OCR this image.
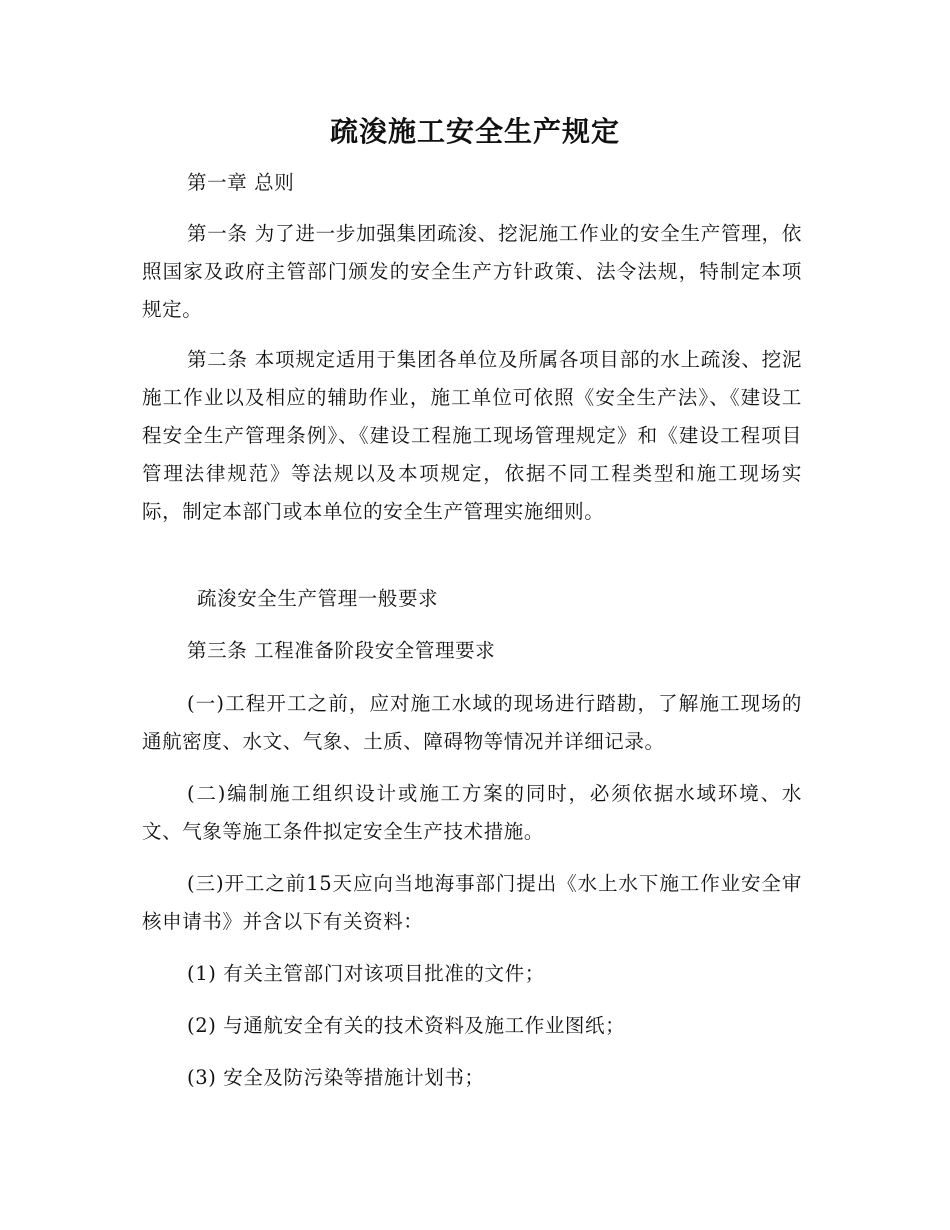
疏浚施工安全生产规定

第一章 总则

第一条 为了进一步加强集团疏浚、挖泥施工作业的安全生产管理，依照国家及政府主管部门颁发的安全生产方针政策、法令法规，特制定本项规定。

第二条 本项规定适用于集团各单位及所属各项目部的水上疏浚、挖泥施工作业以及相应的辅助作业，施工单位可依照《安全生产法》、《建设工程安全生产管理条例》、《建设工程施工现场管理规定》和《建设工程项目管理法律规范》等法规以及本项规定，依据不同工程类型和施工现场实际，制定本部门或本单位的安全生产管理实施细则。

疏浚安全生产管理一般要求

第三条 工程准备阶段安全管理要求

(一)工程开工之前，应对施工水域的现场进行踏勘，了解施工现场的通航密度、水文、气象、土质、障碍物等情况并详细记录。

(二)编制施工组织设计或施工方案的同时，必须依据水域环境、水文、气象等施工条件拟定安全生产技术措施。

(三)开工之前15天应向当地海事部门提出《水上水下施工作业安全审核申请书》并含以下有关资料：

(1) 有关主管部门对该项目批准的文件；

(2) 与通航安全有关的技术资料及施工作业图纸；

(3) 安全及防污染等措施计划书；
